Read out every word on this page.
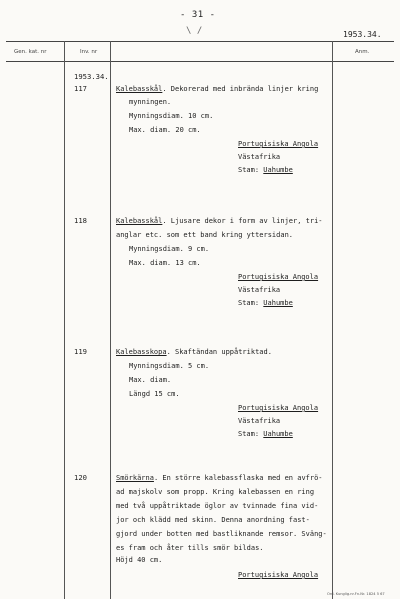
- 31 -
\ /	1953.34.
Gen. kat. nr	Inv. nr	Anm.
1953.34.
117	Kalebasskål. Dekorerad med inbrända linjer kring
mynningen.
Mynningsdiam. 10 cm.
Max. diam. 20 cm.
Portugisiska Angola
Västafrika
Stam: Uahumbe
118	Kalebasskål. Ljusare dekor i form av linjer, tri-
anglar etc. som ett band kring yttersidan.
Mynningsdiam. 9 cm.
Max. diam. 13 cm.
Portugisiska Angola
Västafrika
Stam: Uahumbe
119	Kalebasskopa. Skaftändan uppåtriktad.
Mynningsdiam. 5 cm.
Max. diam.
Längd 15 cm.
Portugisiska Angola
Västafrika
Stam: Uahumbe
120	Smörkärna. En större kalebassflaska med en avfrö-
ad majskolv som propp. Kring kalebassen en ring
med två uppåtriktade öglor av tvinnade fina vid-
jor och klädd med skinn. Denna anordning fast-
gjord under botten med bastliknande remsor. Sväng-
es fram och åter tills smör bildas.
Höjd 40 cm.
Portugisiska Angola
Ord. Kunglig.nr.Fn.Nr. 1824 5 67
